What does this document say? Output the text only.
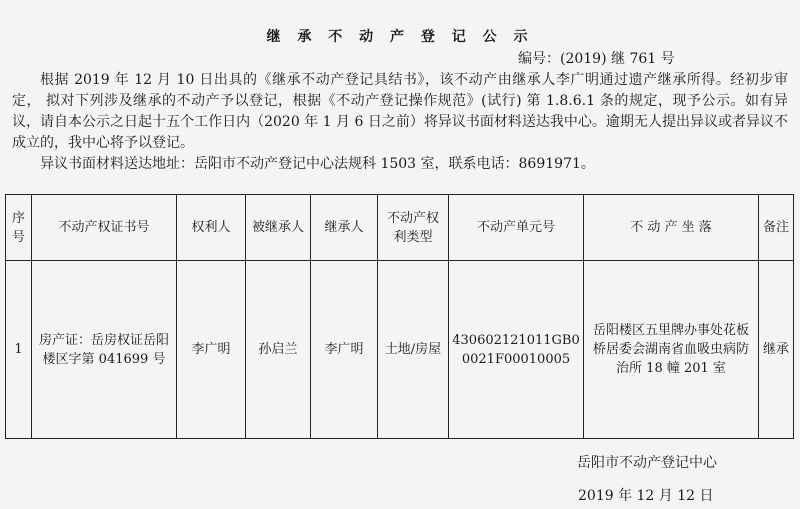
继 承 不 动 产 登 记 公 示
编号：(2019) 继 761 号

根据 2019 年 12 月 10 日出具的《继承不动产登记具结书》，该不动产由继承人李广明通过遗产继承所得。经初步审定， 拟对下列涉及继承的不动产予以登记，根据《不动产登记操作规范》(试行) 第 1.8.6.1 条的规定，现予公示。如有异议，请自本公示之日起十五个工作日内（2020 年 1 月 6 日之前）将异议书面材料送达我中心。逾期无人提出异议或者异议不成立的，我中心将予以登记。

异议书面材料送达地址：岳阳市不动产登记中心法规科 1503 室，联系电话：8691971。

序号	不动产权证书号	权利人	被继承人	继承人	不动产权利类型	不动产单元号	不 动 产 坐 落	备注
1	房产证：岳房权证岳阳楼区字第 041699 号	李广明	孙启兰	李广明	土地/房屋	430602121011GB00021F00010005	岳阳楼区五里牌办事处花板桥居委会湖南省血吸虫病防治所 18 幢 201 室	继承
岳阳市不动产登记中心
2019 年 12 月 12 日
